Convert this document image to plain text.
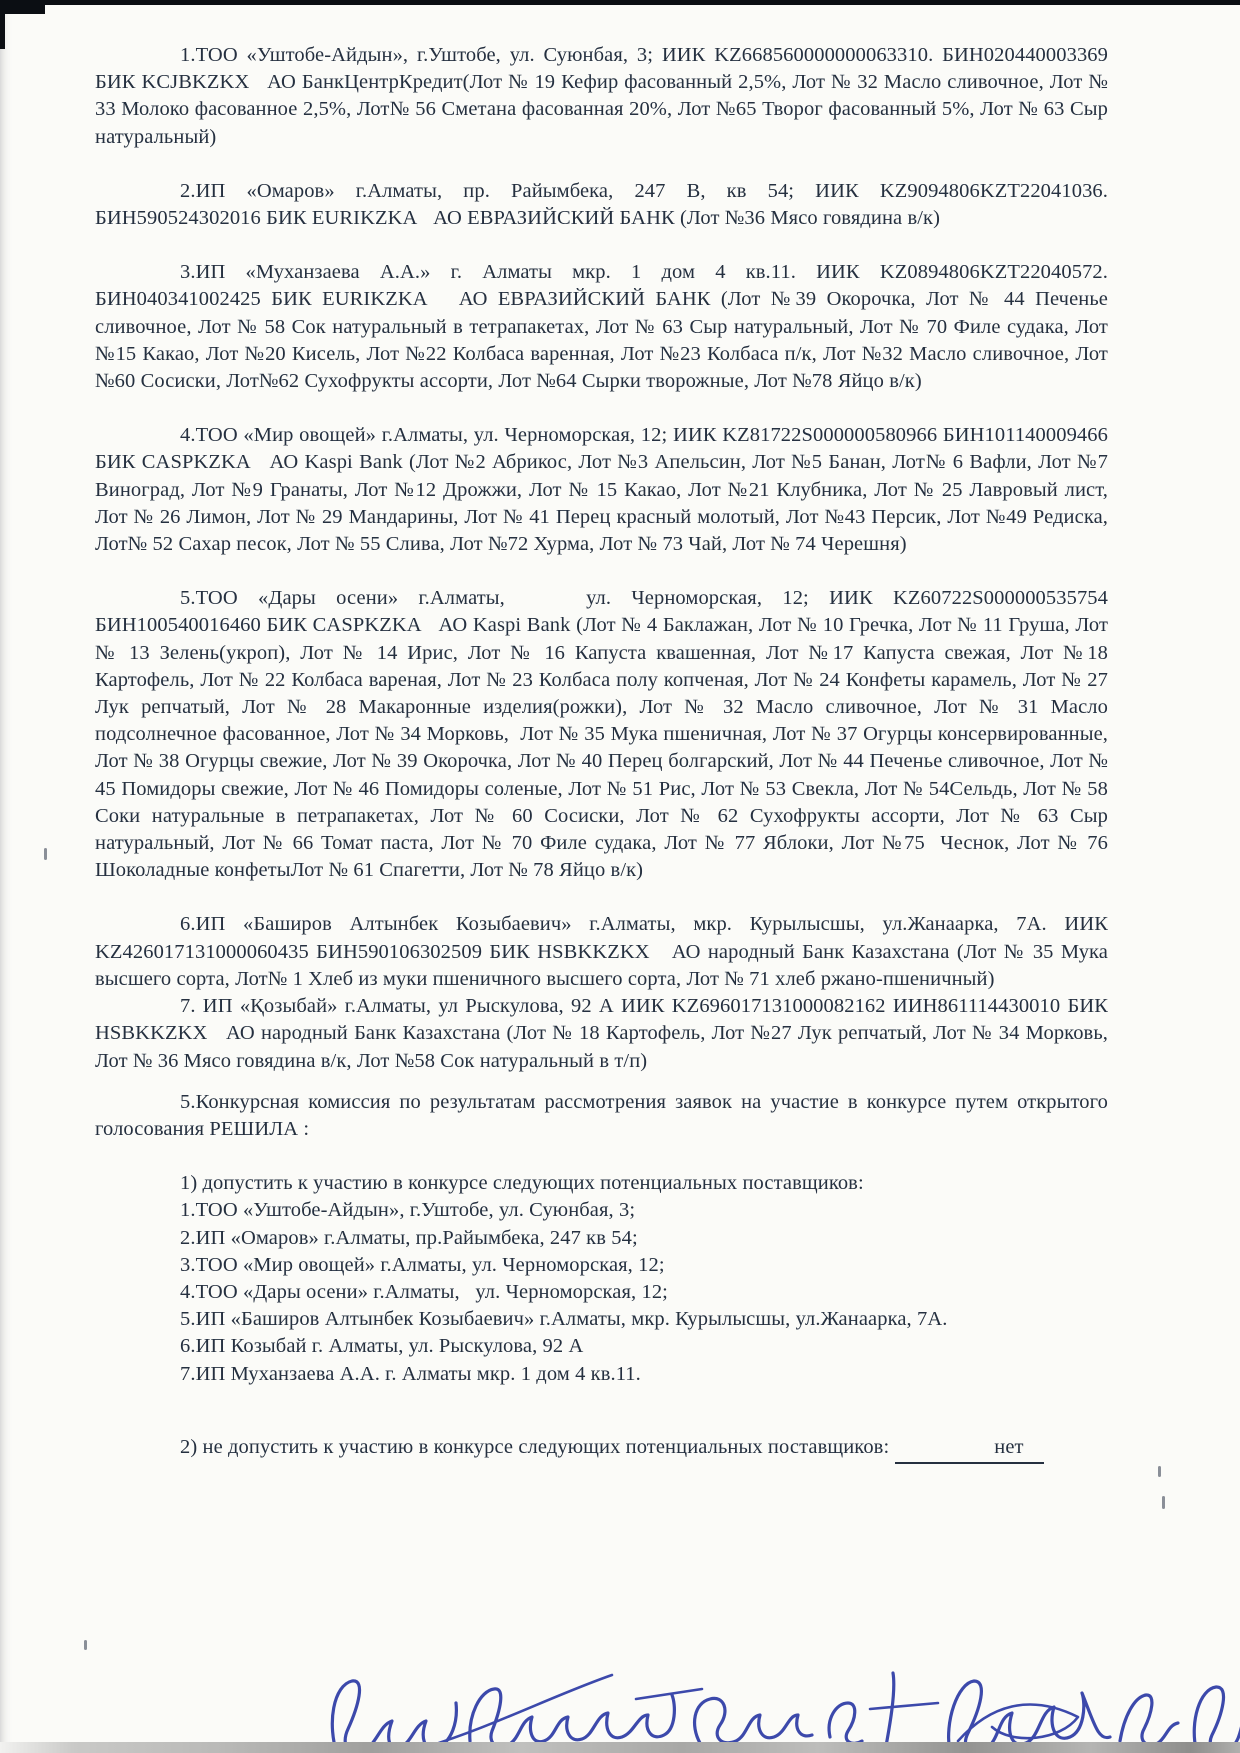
1.ТОО «Уштобе-Айдын», г.Уштобе, ул. Суюнбая, 3; ИИК KZ668560000000063310. БИН020440003369 БИК KCJBKZKX   АО БанкЦентрКредит(Лот № 19 Кефир фасованный 2,5%, Лот № 32 Масло сливочное, Лот № 33 Молоко фасованное 2,5%, Лот№ 56 Сметана фасованная 20%, Лот №65 Творог фасованный 5%, Лот № 63 Сыр натуральный)

2.ИП «Омаров» г.Алматы, пр. Райымбека, 247 В, кв 54; ИИК KZ9094806KZT22041036. БИН590524302016 БИК EURIKZKA   АО ЕВРАЗИЙСКИЙ БАНК (Лот №36 Мясо говядина в/к)

3.ИП «Муханзаева А.А.» г. Алматы мкр. 1 дом 4 кв.11. ИИК KZ0894806KZT22040572. БИН040341002425 БИК EURIKZKA   АО ЕВРАЗИЙСКИЙ БАНК (Лот №39 Окорочка, Лот № 44 Печенье сливочное, Лот № 58 Сок натуральный в тетрапакетах, Лот № 63 Сыр натуральный, Лот № 70 Филе судака, Лот №15 Какао, Лот №20 Кисель, Лот №22 Колбаса варенная, Лот №23 Колбаса п/к, Лот №32 Масло сливочное, Лот №60 Сосиски, Лот№62 Сухофрукты ассорти, Лот №64 Сырки творожные, Лот №78 Яйцо в/к)

4.ТОО «Мир овощей» г.Алматы, ул. Черноморская, 12; ИИК KZ81722S000000580966 БИН101140009466 БИК CASPKZKA   АО Kaspi Bank (Лот №2 Абрикос, Лот №3 Апельсин, Лот №5 Банан, Лот№ 6 Вафли, Лот №7 Виноград, Лот №9 Гранаты, Лот №12 Дрожжи, Лот № 15 Какао, Лот №21 Клубника, Лот № 25 Лавровый лист, Лот № 26 Лимон, Лот № 29 Мандарины, Лот № 41 Перец красный молотый, Лот №43 Персик, Лот №49 Редиска, Лот№ 52 Сахар песок, Лот № 55 Слива, Лот №72 Хурма, Лот № 73 Чай, Лот № 74 Черешня)

5.ТОО «Дары осени» г.Алматы,    ул. Черноморская, 12; ИИК KZ60722S000000535754 БИН100540016460 БИК CASPKZKA   АО Kaspi Bank (Лот № 4 Баклажан, Лот № 10 Гречка, Лот № 11 Груша, Лот № 13 Зелень(укроп), Лот № 14 Ирис, Лот № 16 Капуста квашенная, Лот №17 Капуста свежая, Лот №18 Картофель, Лот № 22 Колбаса вареная, Лот № 23 Колбаса полу копченая, Лот № 24 Конфеты карамель, Лот № 27 Лук репчатый, Лот № 28 Макаронные изделия(рожки), Лот № 32 Масло сливочное, Лот № 31 Масло подсолнечное фасованное, Лот № 34 Морковь,  Лот № 35 Мука пшеничная, Лот № 37 Огурцы консервированные, Лот № 38 Огурцы свежие, Лот № 39 Окорочка, Лот № 40 Перец болгарский, Лот № 44 Печенье сливочное, Лот № 45 Помидоры свежие, Лот № 46 Помидоры соленые, Лот № 51 Рис, Лот № 53 Свекла, Лот № 54Сельдь, Лот № 58 Соки натуральные в петрапакетах, Лот № 60 Сосиски, Лот № 62 Сухофрукты ассорти, Лот № 63 Сыр натуральный, Лот № 66 Томат паста, Лот № 70 Филе судака, Лот № 77 Яблоки, Лот №75  Чеснок, Лот № 76 Шоколадные конфетыЛот № 61 Спагетти, Лот № 78 Яйцо в/к)

6.ИП «Баширов Алтынбек Козыбаевич» г.Алматы, мкр. Курылысшы, ул.Жанаарка, 7А. ИИК KZ426017131000060435 БИН590106302509 БИК HSBKKZKX   АО народный Банк Казахстана (Лот № 35 Мука высшего сорта, Лот№ 1 Хлеб из муки пшеничного высшего сорта, Лот № 71 хлеб ржано-пшеничный)

7. ИП «Қозыбай» г.Алматы, ул Рыскулова, 92 А ИИК KZ696017131000082162 ИИН861114430010 БИК HSBKKZKX   АО народный Банк Казахстана (Лот № 18 Картофель, Лот №27 Лук репчатый, Лот № 34 Морковь, Лот № 36 Мясо говядина в/к, Лот №58 Сок натуральный в т/п)

5.Конкурсная комиссия по результатам рассмотрения заявок на участие в конкурсе путем открытого голосования РЕШИЛА :

1) допустить к участию в конкурсе следующих потенциальных поставщиков:

1.ТОО «Уштобе-Айдын», г.Уштобе, ул. Суюнбая, 3;

2.ИП «Омаров» г.Алматы, пр.Райымбека, 247 кв 54;

3.ТОО «Мир овощей» г.Алматы, ул. Черноморская, 12;

4.ТОО «Дары осени» г.Алматы,   ул. Черноморская, 12;

5.ИП «Баширов Алтынбек Козыбаевич» г.Алматы, мкр. Курылысшы, ул.Жанаарка, 7А.

6.ИП Козыбай г. Алматы, ул. Рыскулова, 92 А

7.ИП Муханзаева А.А. г. Алматы мкр. 1 дом 4 кв.11.

2) не допустить к участию в конкурсе следующих потенциальных поставщиков:	нет
